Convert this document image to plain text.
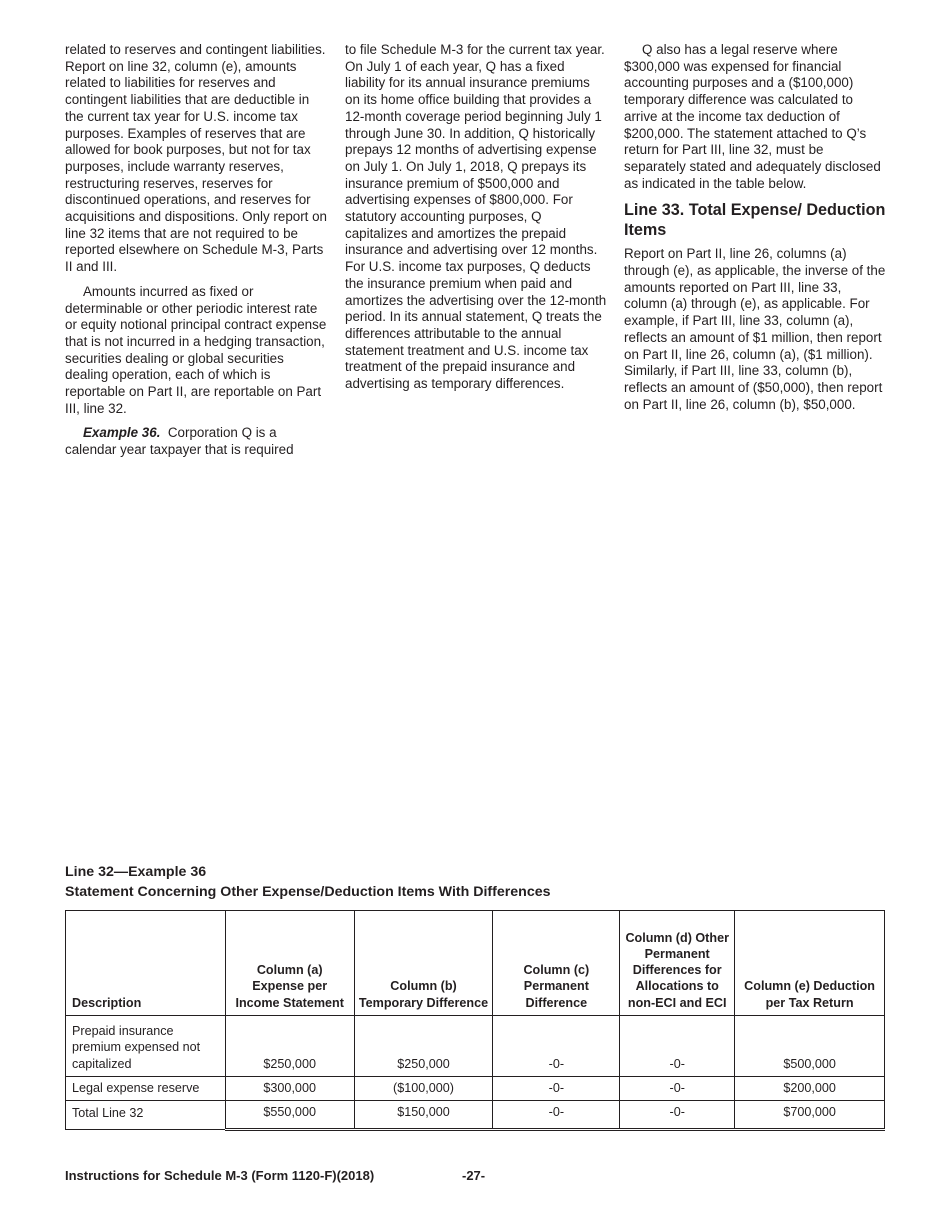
related to reserves and contingent liabilities. Report on line 32, column (e), amounts related to liabilities for reserves and contingent liabilities that are deductible in the current tax year for U.S. income tax purposes. Examples of reserves that are allowed for book purposes, but not for tax purposes, include warranty reserves, restructuring reserves, reserves for discontinued operations, and reserves for acquisitions and dispositions. Only report on line 32 items that are not required to be reported elsewhere on Schedule M-3, Parts II and III.

Amounts incurred as fixed or determinable or other periodic interest rate or equity notional principal contract expense that is not incurred in a hedging transaction, securities dealing or global securities dealing operation, each of which is reportable on Part II, are reportable on Part III, line 32.

Example 36. Corporation Q is a calendar year taxpayer that is required

to file Schedule M-3 for the current tax year. On July 1 of each year, Q has a fixed liability for its annual insurance premiums on its home office building that provides a 12-month coverage period beginning July 1 through June 30. In addition, Q historically prepays 12 months of advertising expense on July 1. On July 1, 2018, Q prepays its insurance premium of $500,000 and advertising expenses of $800,000. For statutory accounting purposes, Q capitalizes and amortizes the prepaid insurance and advertising over 12 months. For U.S. income tax purposes, Q deducts the insurance premium when paid and amortizes the advertising over the 12-month period. In its annual statement, Q treats the differences attributable to the annual statement treatment and U.S. income tax treatment of the prepaid insurance and advertising as temporary differences.

Q also has a legal reserve where $300,000 was expensed for financial accounting purposes and a ($100,000) temporary difference was calculated to arrive at the income tax deduction of $200,000. The statement attached to Q’s return for Part III, line 32, must be separately stated and adequately disclosed as indicated in the table below.

Line 33. Total Expense/ Deduction Items

Report on Part II, line 26, columns (a) through (e), as applicable, the inverse of the amounts reported on Part III, line 33, column (a) through (e), as applicable. For example, if Part III, line 33, column (a), reflects an amount of $1 million, then report on Part II, line 26, column (a), ($1 million). Similarly, if Part III, line 33, column (b), reflects an amount of ($50,000), then report on Part II, line 26, column (b), $50,000.

Line 32—Example 36
Statement Concerning Other Expense/Deduction Items With Differences
Description	Column (a) Expense per Income Statement	Column (b) Temporary Difference	Column (c) Permanent Difference	Column (d) Other Permanent Differences for Allocations to non-ECI and ECI	Column (e) Deduction per Tax Return
Prepaid insurance premium expensed not capitalized	$250,000	$250,000	-0-	-0-	$500,000
Legal expense reserve	$300,000	($100,000)	-0-	-0-	$200,000
Total Line 32	$550,000	$150,000	-0-	-0-	$700,000
Instructions for Schedule M-3 (Form 1120-F)(2018)	-27-
